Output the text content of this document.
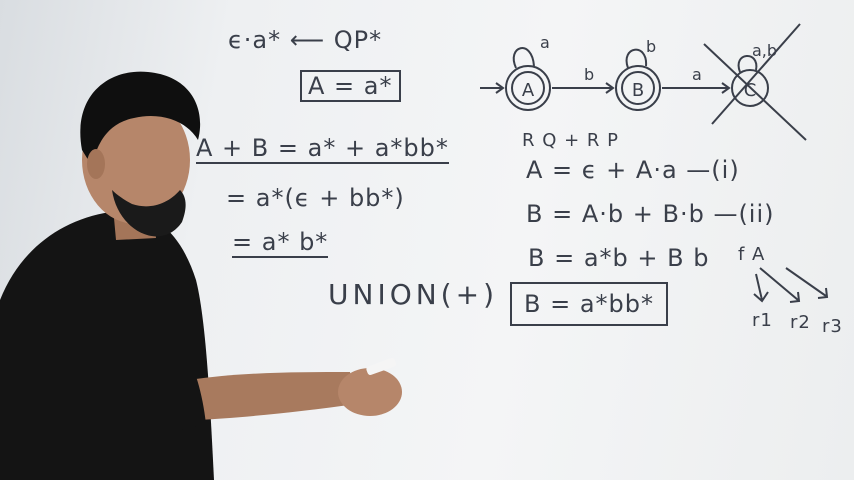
ϵ·a* ⟵ QP*
A = a*
A + B = a* + a*bb*
= a*(ϵ + bb*)
= a* b*
UNION(+)	B = a*bb*
R Q + R P
A = ϵ + A·a —(i)
B = A·b + B·b —(ii)
B = a*b + B b f A
r1 r2 r3
A	B	C
a	b	a,b
b	a
